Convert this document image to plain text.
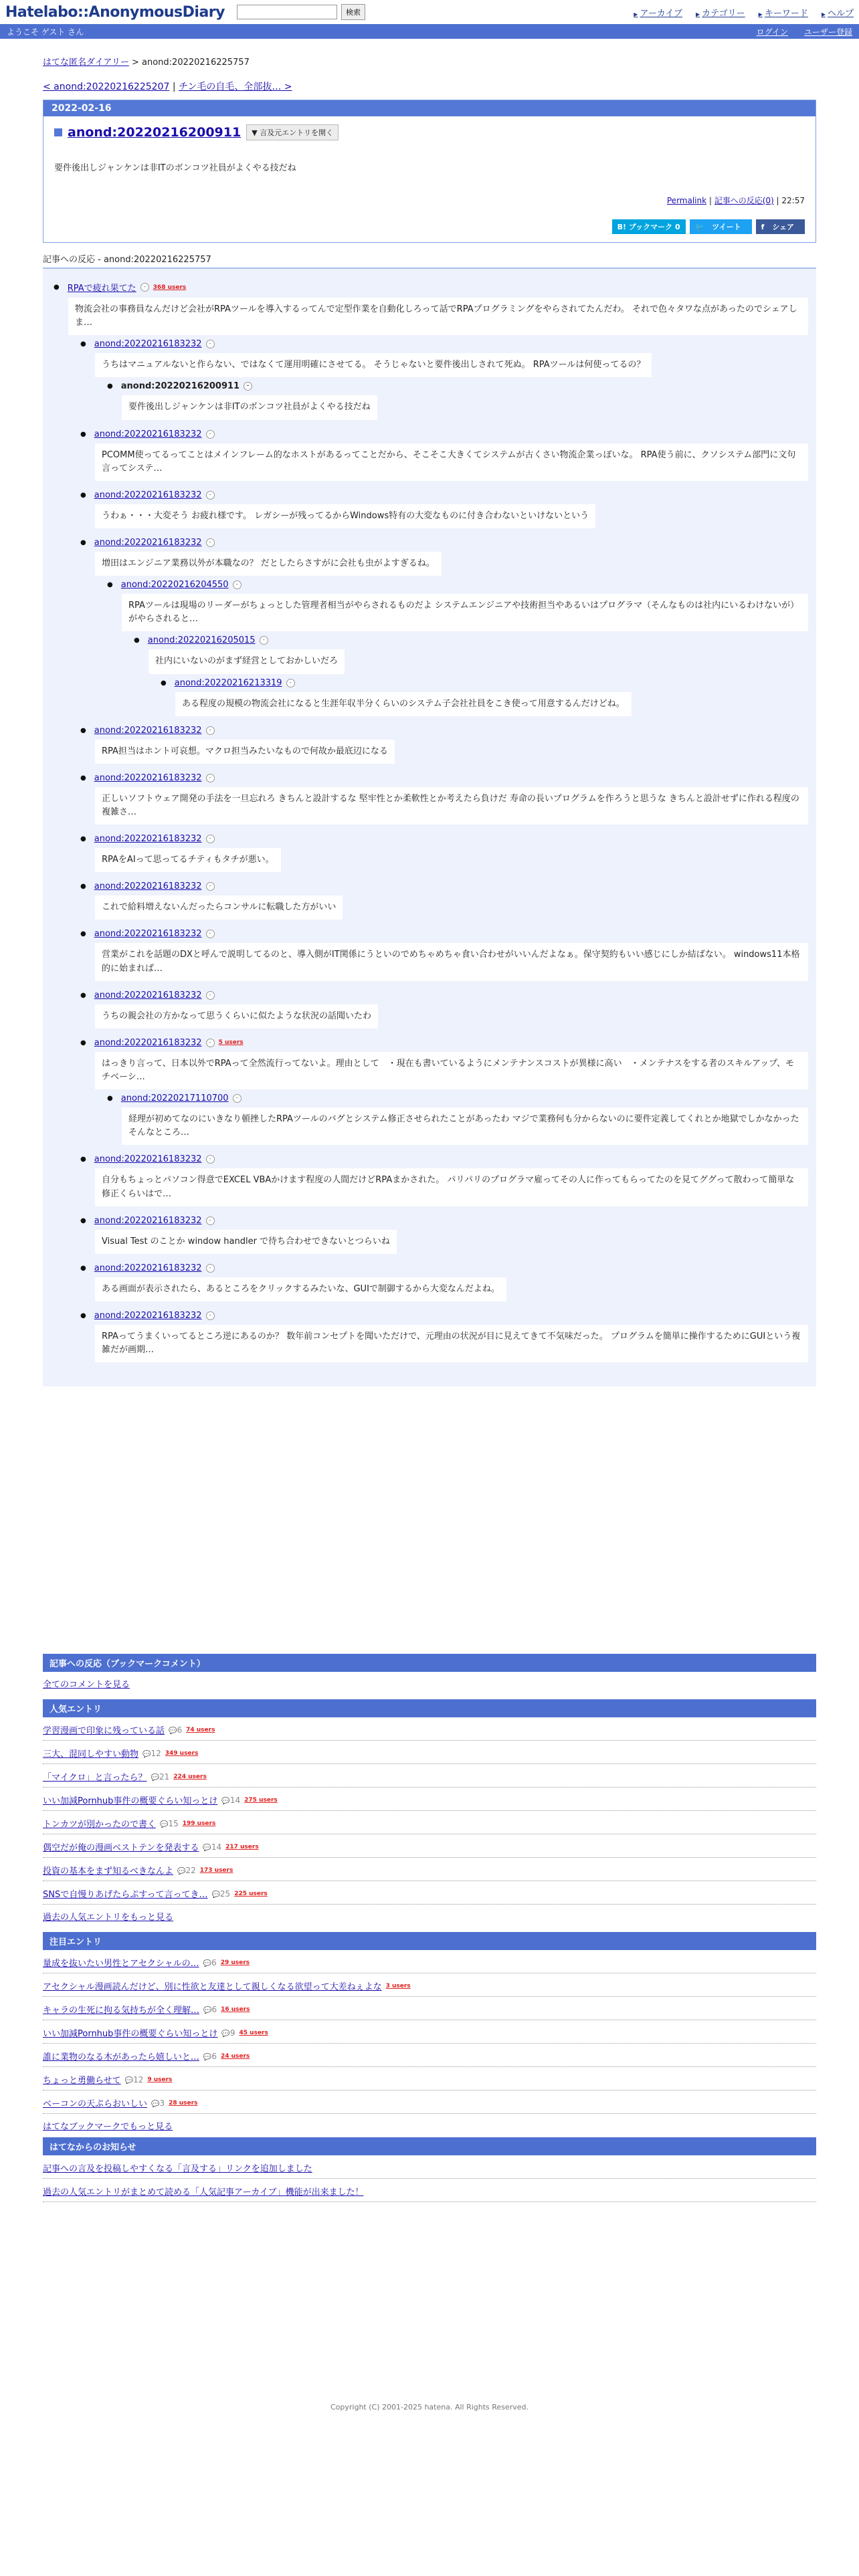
Hatelabo::AnonymousDiary	検索	▶ アーカイブ	▶ カテゴリー	▶ キーワード	▶ ヘルプ
ようこそ ゲスト さん	ログイン ユーザー登録
はてな匿名ダイアリー > anond:20220216225757
< anond:20220216225207 | チン毛の自毛、全部抜… >
2022-02-16
anond:20220216200911	▼ 言及元エントリを開く
要件後出しジャンケンは非ITのボンコツ社員がよくやる技だね
Permalink | 記事への反応(0) | 22:57
B! ブックマーク 0	🐦 ツイート	f シェア
記事への反応 - anond:20220216225757
● RPAで疲れ果てた	-	368 users
物流会社の事務員なんだけど会社がRPAツールを導入するってんで定型作業を自動化しろって話でRPAプログラミングをやらされてたんだわ。 それで色々タワな点があったのでシェアしま…
● anond:20220216183232	-
うちはマニュアルないと作らない、ではなくて運用明確にさせてる。 そうじゃないと要件後出しされて死ぬ。 RPAツールは何使ってるの？
● anond:20220216200911	-
要件後出しジャンケンは非ITのボンコツ社員がよくやる技だね
● anond:20220216183232	-
PCOMM使ってるってことはメインフレーム的なホストがあるってことだから、そこそこ大きくてシステムが古くさい物流企業っぽいな。 RPA使う前に、クソシステム部門に文句言ってシステ…
● anond:20220216183232	-
うわぁ・・・大変そう お疲れ様です。 レガシーが残ってるからWindows特有の大変なものに付き合わないといけないという
● anond:20220216183232	-
増田はエンジニア業務以外が本職なの？ だとしたらさすがに会社も虫がよすぎるね。
● anond:20220216204550	-
RPAツールは現場のリーダーがちょっとした管理者相当がやらされるものだよ システムエンジニアや技術担当やあるいはプログラマ（そんなものは社内にいるわけないが）がやらされると…
● anond:20220216205015	-
社内にいないのがまず経営としておかしいだろ
● anond:20220216213319	-
ある程度の規模の物流会社になると生涯年収半分くらいのシステム子会社社員をこき使って用意するんだけどね。
● anond:20220216183232	-
RPA担当はホント可哀想。マクロ担当みたいなもので何故か最底辺になる
● anond:20220216183232	-
正しいソフトウェア開発の手法を一旦忘れろ きちんと設計するな 堅牢性とか柔軟性とか考えたら負けだ 寿命の長いプログラムを作ろうと思うな きちんと設計せずに作れる程度の複雑さ…
● anond:20220216183232	-
RPAをAIって思ってるチティもタチが悪い。
● anond:20220216183232	-
これで給料増えないんだったらコンサルに転職した方がいい
● anond:20220216183232	-
営業がこれを話題のDXと呼んで説明してるのと、導入側がIT関係にうといのでめちゃめちゃ食い合わせがいいんだよなぁ。保守契約もいい感じにしか結ばない。 windows11本格的に始まれば…
● anond:20220216183232	-
うちの親会社の方かなって思うくらいに似たような状況の話聞いたわ
● anond:20220216183232	-	5 users
はっきり言って、日本以外でRPAって全然流行ってないよ。理由として　・現在も書いているようにメンテナンスコストが異様に高い　・メンテナスをする者のスキルアップ、モチベーシ…
● anond:20220217110700	-
経理が初めてなのにいきなり頓挫したRPAツールのバグとシステム修正させられたことがあったわ マジで業務何も分からないのに要件定義してくれとか地獄でしかなかった そんなところ…
● anond:20220216183232	-
自分もちょっとパソコン得意でEXCEL VBAかけます程度の人間だけどRPAまかされた。 パリパリのプログラマ雇ってその人に作ってもらってたのを見てググって散わって簡単な修正くらいはで…
● anond:20220216183232	-
Visual Test のことか window handler で待ち合わせできないとつらいね
● anond:20220216183232	-
ある画面が表示されたら、あるところをクリックするみたいな、GUIで制御するから大変なんだよね。
● anond:20220216183232	-
RPAってうまくいってるところ逆にあるのか？ 数年前コンセプトを聞いただけで、元理由の状況が目に見えてきて不気味だった。 プログラムを簡単に操作するためにGUIという複雑だが画期…
記事への反応（ブックマークコメント）
全てのコメントを見る
人気エントリ
学習漫画で印象に残っている話	💬 6 74 users
三大、混同しやすい動物	💬 12 349 users
「マイクロ」と言ったら？	💬 21 224 users
いい加減Pornhub事件の概要ぐらい知っとけ	💬 14 275 users
トンカツが別かったので書く	💬 15 199 users
偶空だが俺の漫画ベストテンを発表する	💬 14 217 users
投資の基本をまず知るべきなんよ	💬 22 173 users
SNSで自慢りあげたらぷすって言ってき…	💬 25 225 users
過去の人気エントリをもっと見る
注目エントリ
量成を抜いたい男性とアセクシャルの…	💬 6 29 users
アセクシャル漫画読んだけど、別に性欲と友達として親しくなる欲望って大差ねぇよな 3 users
キャラの生死に拘る気持ちが全く理解…	💬 6 16 users
いい加減Pornhub事件の概要ぐらい知っとけ	💬 9 45 users
誰に業物のなる木があったら嬉しいと…	💬 6 24 users
ちょっと勇働らせて	💬 12 9 users
ベーコンの天ぷらおいしい	💬 3 28 users
はてなブックマークでもっと見る
はてなからのお知らせ
記事への言及を投稿しやすくなる「言及する」リンクを追加しました
過去の人気エントリがまとめて読める「人気記事アーカイブ」機能が出来ました！
Copyright (C) 2001-2025 hatena. All Rights Reserved.
